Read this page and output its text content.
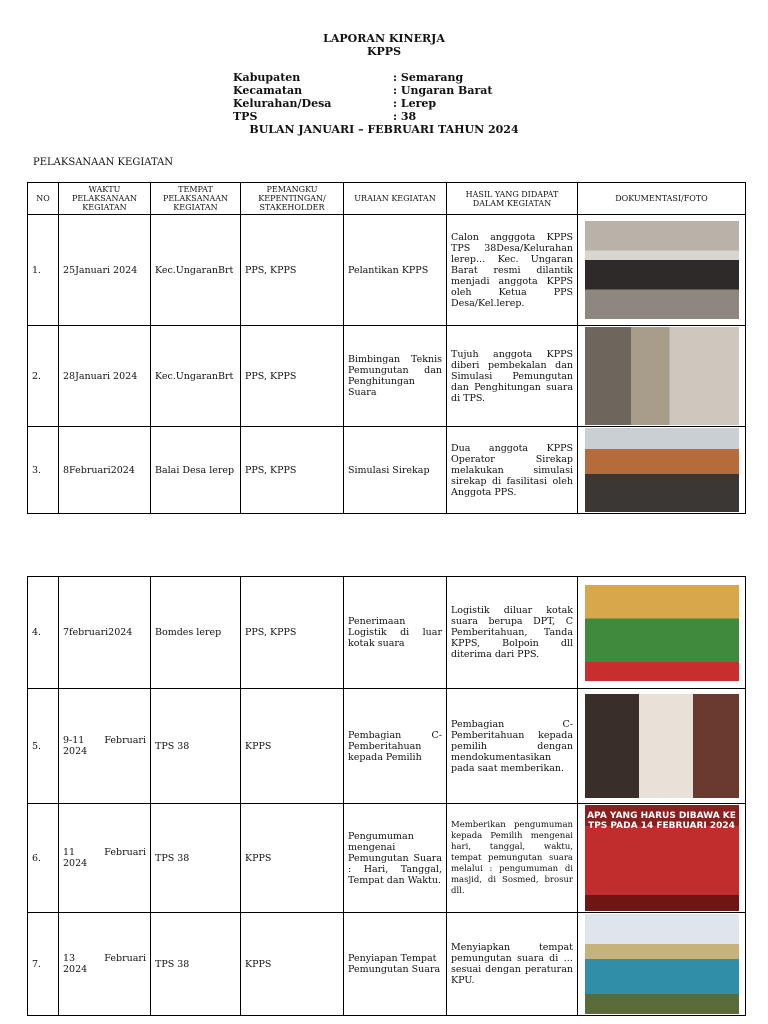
LAPORAN KINERJA
KPPS
Kabupaten	: Semarang
Kecamatan	: Ungaran Barat
Kelurahan/Desa	: Lerep
TPS	: 38
BULAN JANUARI – FEBRUARI TAHUN 2024
PELAKSANAAN KEGIATAN
NO	WAKTU PELAKSANAAN KEGIATAN	TEMPAT PELAKSANAAN KEGIATAN	PEMANGKU KEPENTINGAN/ STAKEHOLDER	URAIAN KEGIATAN	HASIL YANG DIDAPAT DALAM KEGIATAN	DOKUMENTASI/FOTO
1.	25Januari 2024	Kec.UngaranBrt	PPS, KPPS	Pelantikan KPPS	Calon angggota KPPS TPS 38Desa/Kelurahan lerep… Kec. Ungaran Barat resmi dilantik menjadi anggota KPPS oleh Ketua PPS Desa/Kel.lerep.	

2.	28Januari 2024	Kec.UngaranBrt	PPS, KPPS	Bimbingan Teknis Pemungutan dan Penghitungan Suara	Tujuh anggota KPPS diberi pembekalan dan Simulasi Pemungutan dan Penghitungan suara di TPS.	

3.	8Februari2024	Balai Desa lerep	PPS, KPPS	Simulasi Sirekap	Dua anggota KPPS Operator Sirekap melakukan simulasi sirekap di fasilitasi oleh Anggota PPS.	
4.	7februari2024	Bomdes lerep	PPS, KPPS	Penerimaan Logistik di luar kotak suara	Logistik diluar kotak suara berupa DPT, C Pemberitahuan, Tanda KPPS, Bolpoin dll diterima dari PPS.	

5.	9-11 Februari 2024	TPS 38	KPPS	Pembagian C-Pemberitahuan kepada Pemilih	Pembagian C-Pemberitahuan kepada pemilih dengan mendokumentasikan pada saat memberikan.	

6.	11 Februari 2024	TPS 38	KPPS	Pengumuman mengenai Pemungutan Suara : Hari, Tanggal, Tempat dan Waktu.	Memberikan pengumuman kepada Pemilih mengenai hari, tanggal, waktu, tempat pemungutan suara melalui : pengumuman di masjid, di Sosmed, brosur dll.	APA YANG HARUS DIBAWA KE TPS PADA 14 FEBRUARI 2024

7.	13 Februari 2024	TPS 38	KPPS	Penyiapan Tempat Pemungutan Suara	Menyiapkan tempat pemungutan suara di … sesuai dengan peraturan KPU.	
